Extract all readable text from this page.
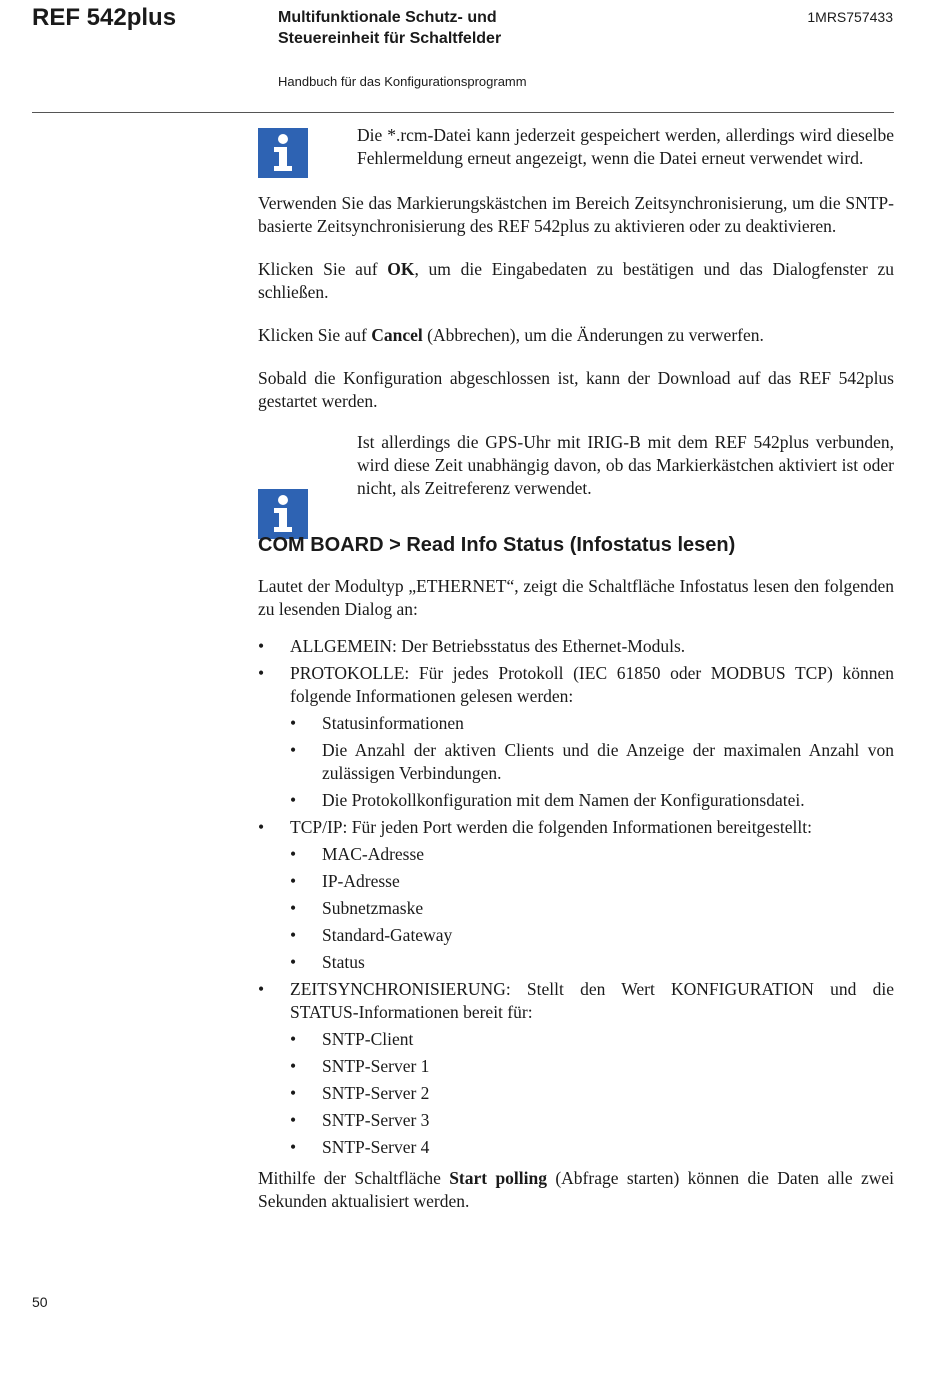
REF 542plus	Multifunktionale Schutz- und
Steuereinheit für Schaltfelder
1MRS757433
Handbuch für das Konfigurationsprogramm

Die *.rcm-Datei kann jederzeit gespeichert werden, allerdings wird dieselbe Fehlermeldung erneut angezeigt, wenn die Datei erneut verwendet wird.

Verwenden Sie das Markierungskästchen im Bereich Zeitsynchronisierung, um die SNTP-basierte Zeitsynchronisierung des REF 542plus zu aktivieren oder zu deaktivieren.

Klicken Sie auf OK, um die Eingabedaten zu bestätigen und das Dialogfenster zu schließen.

Klicken Sie auf Cancel (Abbrechen), um die Änderungen zu verwerfen.

Sobald die Konfiguration abgeschlossen ist, kann der Download auf das REF 542plus gestartet werden.

Ist allerdings die GPS-Uhr mit IRIG-B mit dem REF 542plus verbunden, wird diese Zeit unabhängig davon, ob das Markierkästchen aktiviert ist oder nicht, als Zeitreferenz verwendet.

COM BOARD > Read Info Status (Infostatus lesen)

Lautet der Modultyp „ETHERNET“, zeigt die Schaltfläche Infostatus lesen den folgenden zu lesenden Dialog an:

• ALLGEMEIN: Der Betriebsstatus des Ethernet-Moduls.
• PROTOKOLLE: Für jedes Protokoll (IEC 61850 oder MODBUS TCP) können folgende Informationen gelesen werden:
• Statusinformationen
• Die Anzahl der aktiven Clients und die Anzeige der maximalen Anzahl von zulässigen Verbindungen.
• Die Protokollkonfiguration mit dem Namen der Konfigurationsdatei.
• TCP/IP: Für jeden Port werden die folgenden Informationen bereitgestellt:
• MAC-Adresse
• IP-Adresse
• Subnetzmaske
• Standard-Gateway
• Status
• ZEITSYNCHRONISIERUNG: Stellt den Wert KONFIGURATION und die STATUS-Informationen bereit für:
• SNTP-Client
• SNTP-Server 1
• SNTP-Server 2
• SNTP-Server 3
• SNTP-Server 4

Mithilfe der Schaltfläche Start polling (Abfrage starten) können die Daten alle zwei Sekunden aktualisiert werden.

50
